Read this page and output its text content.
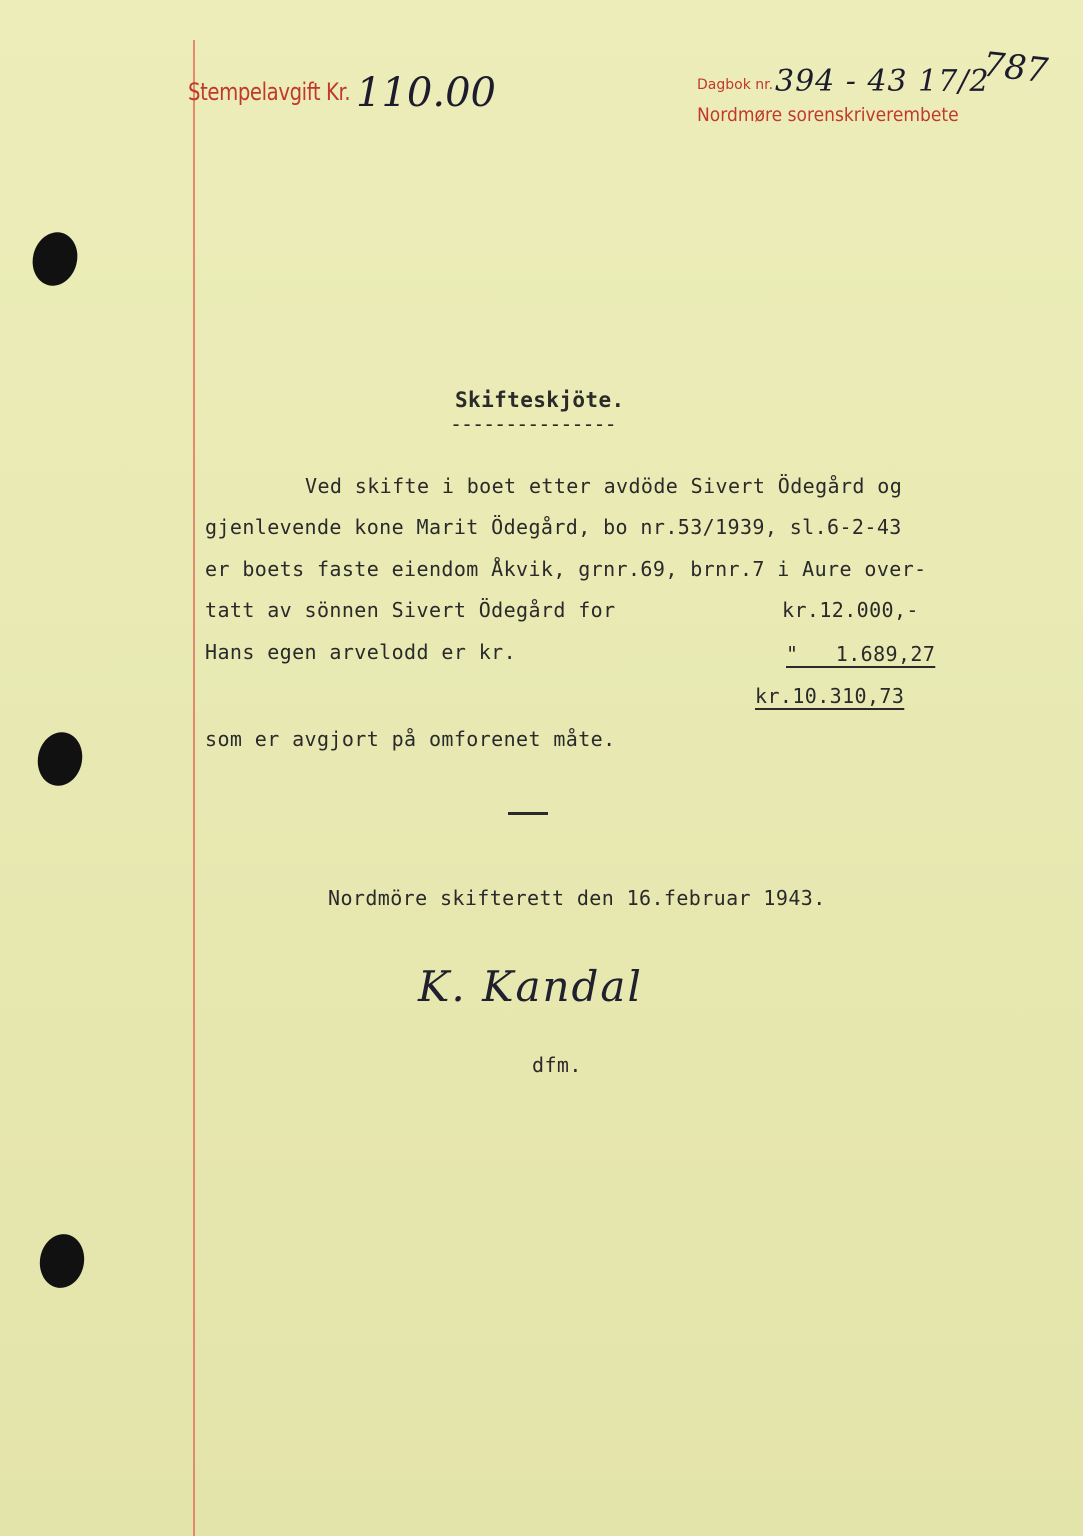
Stempelavgift Kr. 110.00	Dagbok nr. 394 - 43 17/2
Nordmøre sorenskriverembete
787
Skifteskjöte.
---------------
Ved skifte i boet etter avdöde Sivert Ödegård og
gjenlevende kone Marit Ödegård, bo nr.53/1939, sl.6-2-43
er boets faste eiendom Åkvik, grnr.69, brnr.7 i Aure over-
tatt av sönnen Sivert Ödegård for
Hans egen arvelodd er kr.
kr.12.000,-
"   1.689,27
kr.10.310,73
som er avgjort på omforenet måte.
Nordmöre skifterett den 16.februar 1943.
K. Kandal
dfm.
